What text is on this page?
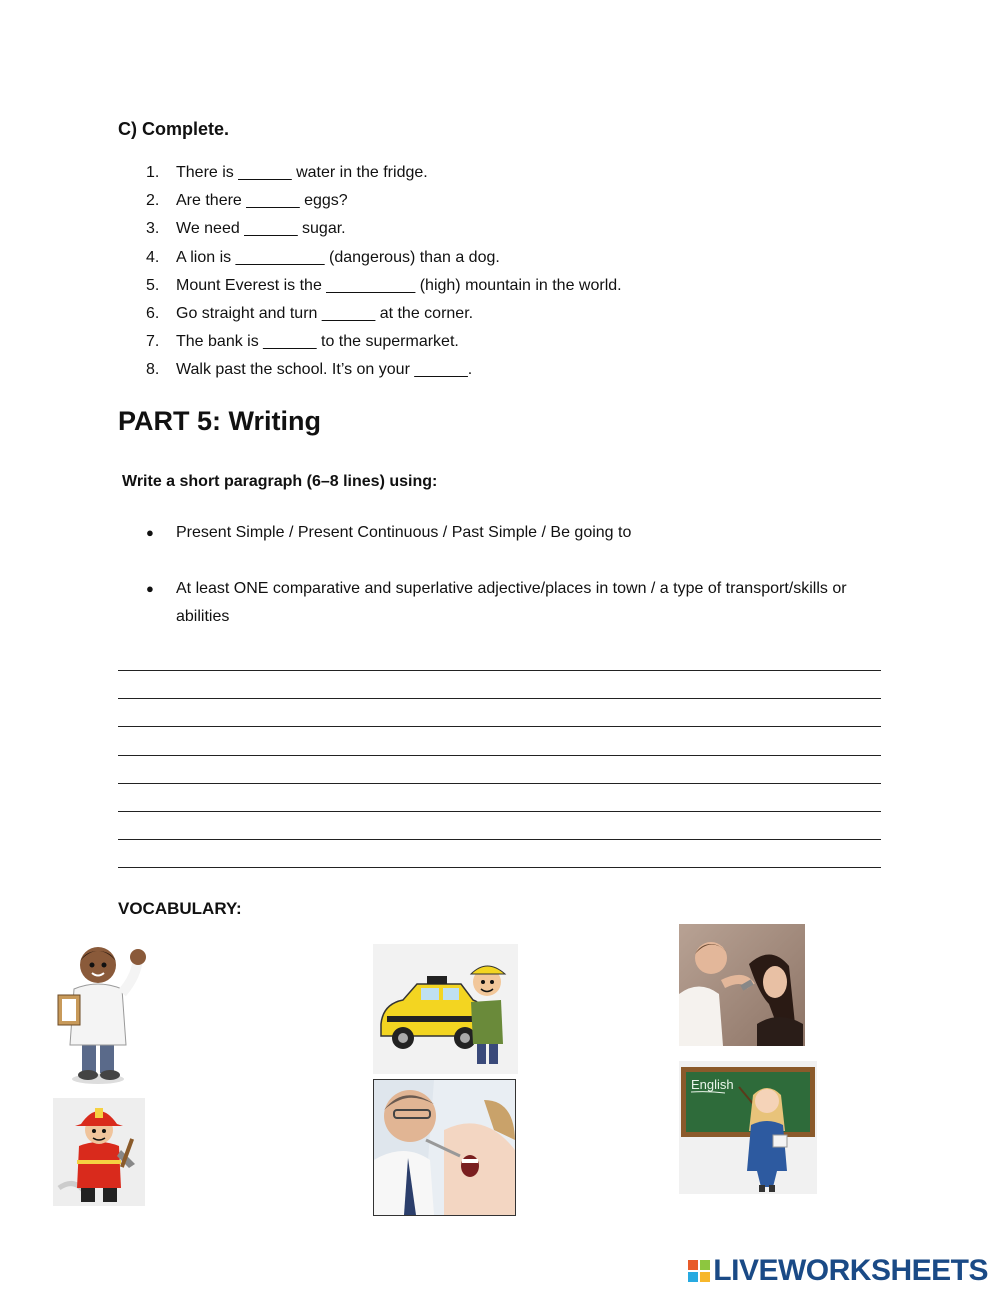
C) Complete.
1.	There is ______ water in the fridge.
2.	Are there ______ eggs?
3.	We need ______ sugar.
4.	A lion is __________ (dangerous) than a dog.
5.	Mount Everest is the __________ (high) mountain in the world.
6.	Go straight and turn ______ at the corner.
7.	The bank is ______ to the supermarket.
8.	Walk past the school. It’s on your ______.
PART 5: Writing
Write a short paragraph (6–8 lines) using:
●	Present Simple / Present Continuous / Past Simple / Be going to
●	At least ONE comparative and superlative adjective/places in town / a type of transport/skills or abilities
VOCABULARY:
English
LIVEWORKSHEETS
